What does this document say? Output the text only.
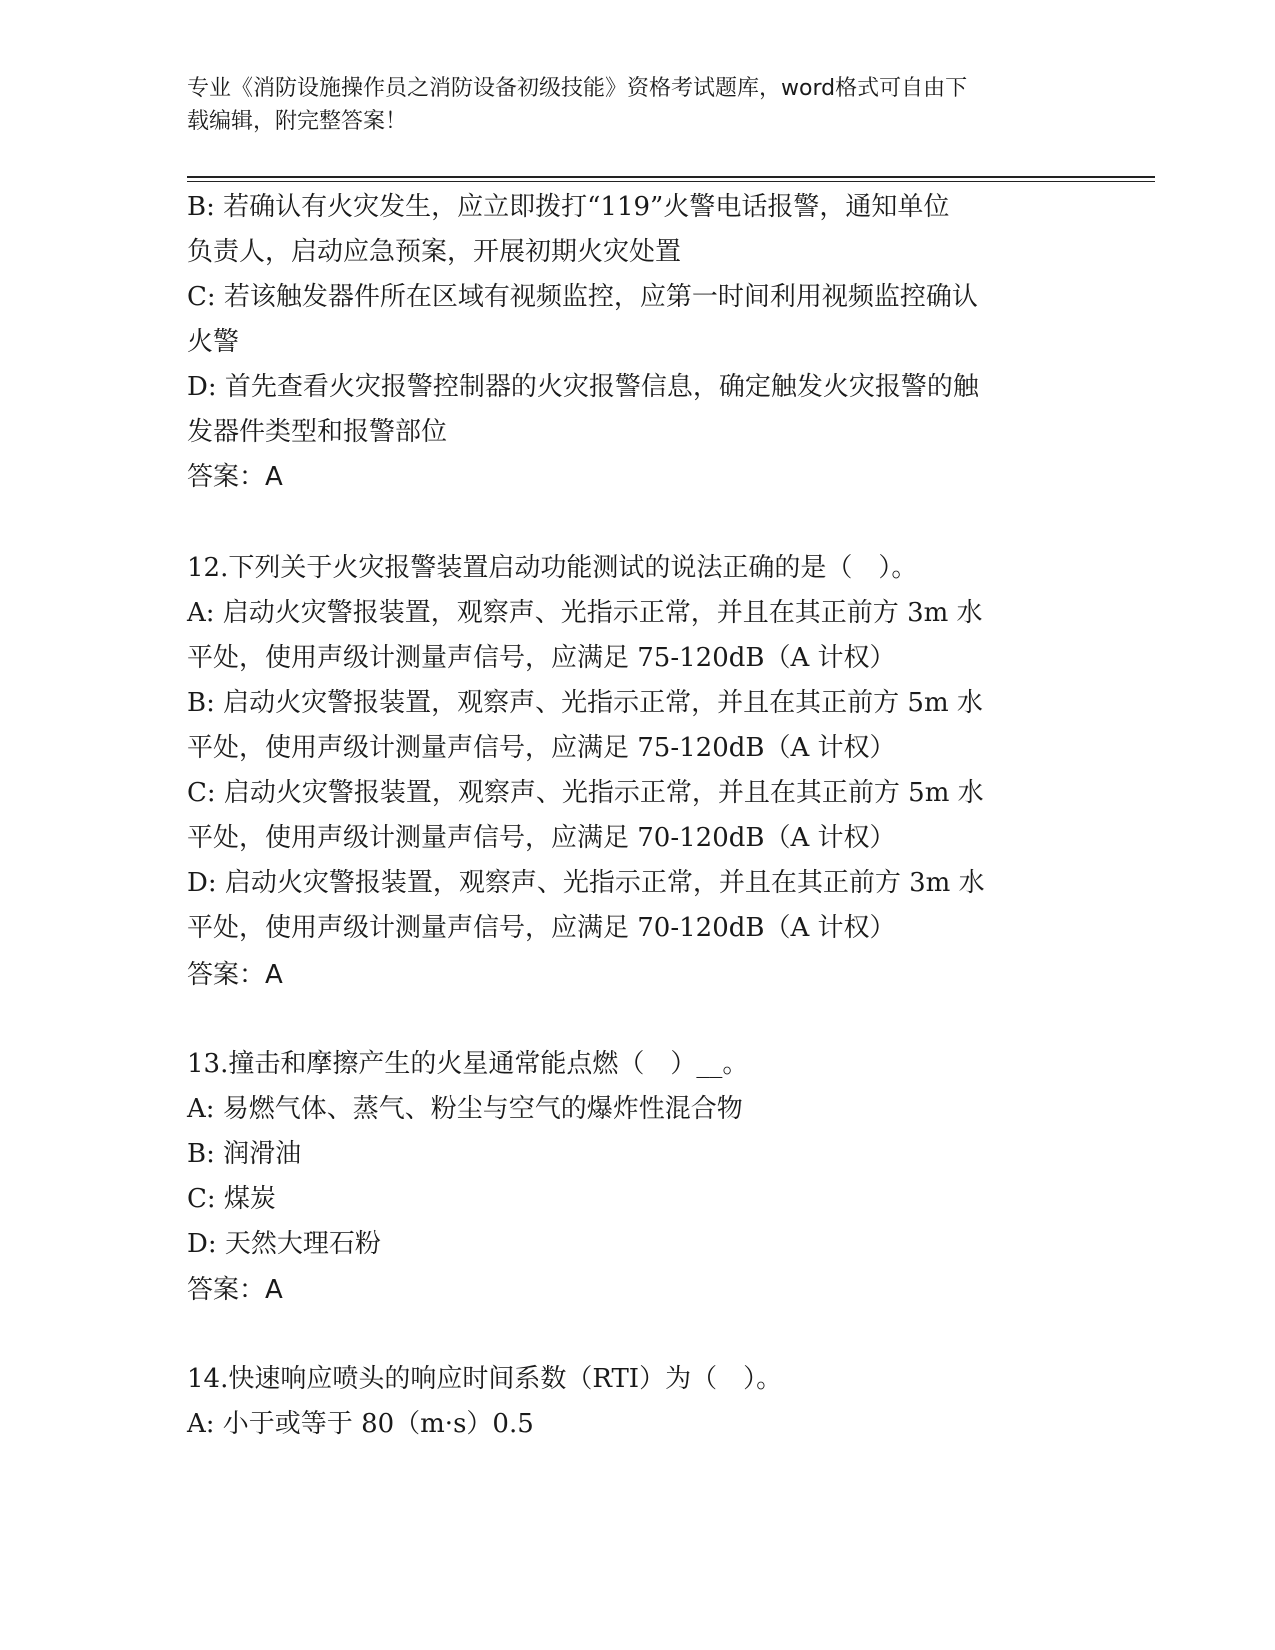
专业《消防设施操作员之消防设备初级技能》资格考试题库，word格式可自由下
载编辑，附完整答案！
B: 若确认有火灾发生，应立即拨打“119”火警电话报警，通知单位
负责人，启动应急预案，开展初期火灾处置
C: 若该触发器件所在区域有视频监控，应第一时间利用视频监控确认
火警
D: 首先查看火灾报警控制器的火灾报警信息，确定触发火灾报警的触
发器件类型和报警部位
答案：A
12.下列关于火灾报警装置启动功能测试的说法正确的是（　）。
A: 启动火灾警报装置，观察声、光指示正常，并且在其正前方 3m 水
平处，使用声级计测量声信号，应满足 75-120dB（A 计权）
B: 启动火灾警报装置，观察声、光指示正常，并且在其正前方 5m 水
平处，使用声级计测量声信号，应满足 75-120dB（A 计权）
C: 启动火灾警报装置，观察声、光指示正常，并且在其正前方 5m 水
平处，使用声级计测量声信号，应满足 70-120dB（A 计权）
D: 启动火灾警报装置，观察声、光指示正常，并且在其正前方 3m 水
平处，使用声级计测量声信号，应满足 70-120dB（A 计权）
答案：A
13.撞击和摩擦产生的火星通常能点燃（　）__。
A: 易燃气体、蒸气、粉尘与空气的爆炸性混合物
B: 润滑油
C: 煤炭
D: 天然大理石粉
答案：A
14.快速响应喷头的响应时间系数（RTI）为（　）。
A: 小于或等于 80（m·s）0.5
